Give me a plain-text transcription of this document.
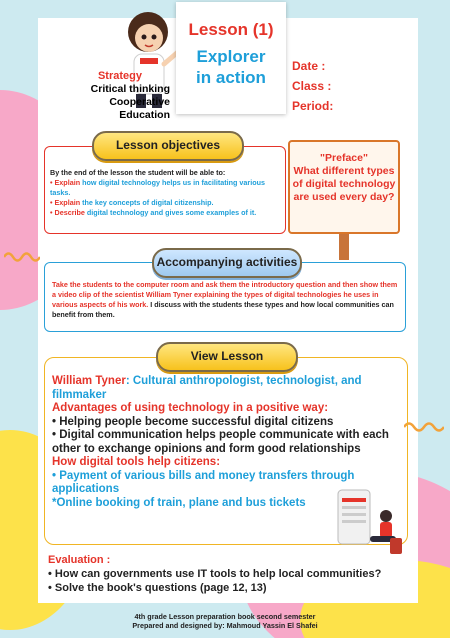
Lesson (1)
Explorer
in action
Strategy
Critical thinking
Cooperative Education
Date :
Class :
Period:
Lesson objectives
By the end of the lesson the student will be able to:
• Explain how digital technology helps us in facilitating various tasks.
• Explain the key concepts of digital citizenship.
• Describe digital technology and gives some examples of it.
"Preface"
What different types of digital technology are used every day?
Accompanying activities
Take the students to the computer room and ask them the introductory question and then show them a video clip of the scientist William Tyner explaining the types of digital technologies he uses in various aspects of his work. I discuss with the students these types and how local communities can benefit from them.
View Lesson

William Tyner: Cultural anthropologist, technologist, and filmmaker

Advantages of using technology in a positive way:

• Helping people become successful digital citizens

• Digital communication helps people communicate with each other to exchange opinions and form good relationships

How digital tools help citizens:

• Payment of various bills and money transfers through applications

*Online booking of train, plane and bus tickets

Evaluation :
• How can governments use IT tools to help local communities?
• Solve the book's questions (page 12, 13)
4th grade Lesson preparation book second semester
Prepared and designed by: Mahmoud Yassin El Shafei
